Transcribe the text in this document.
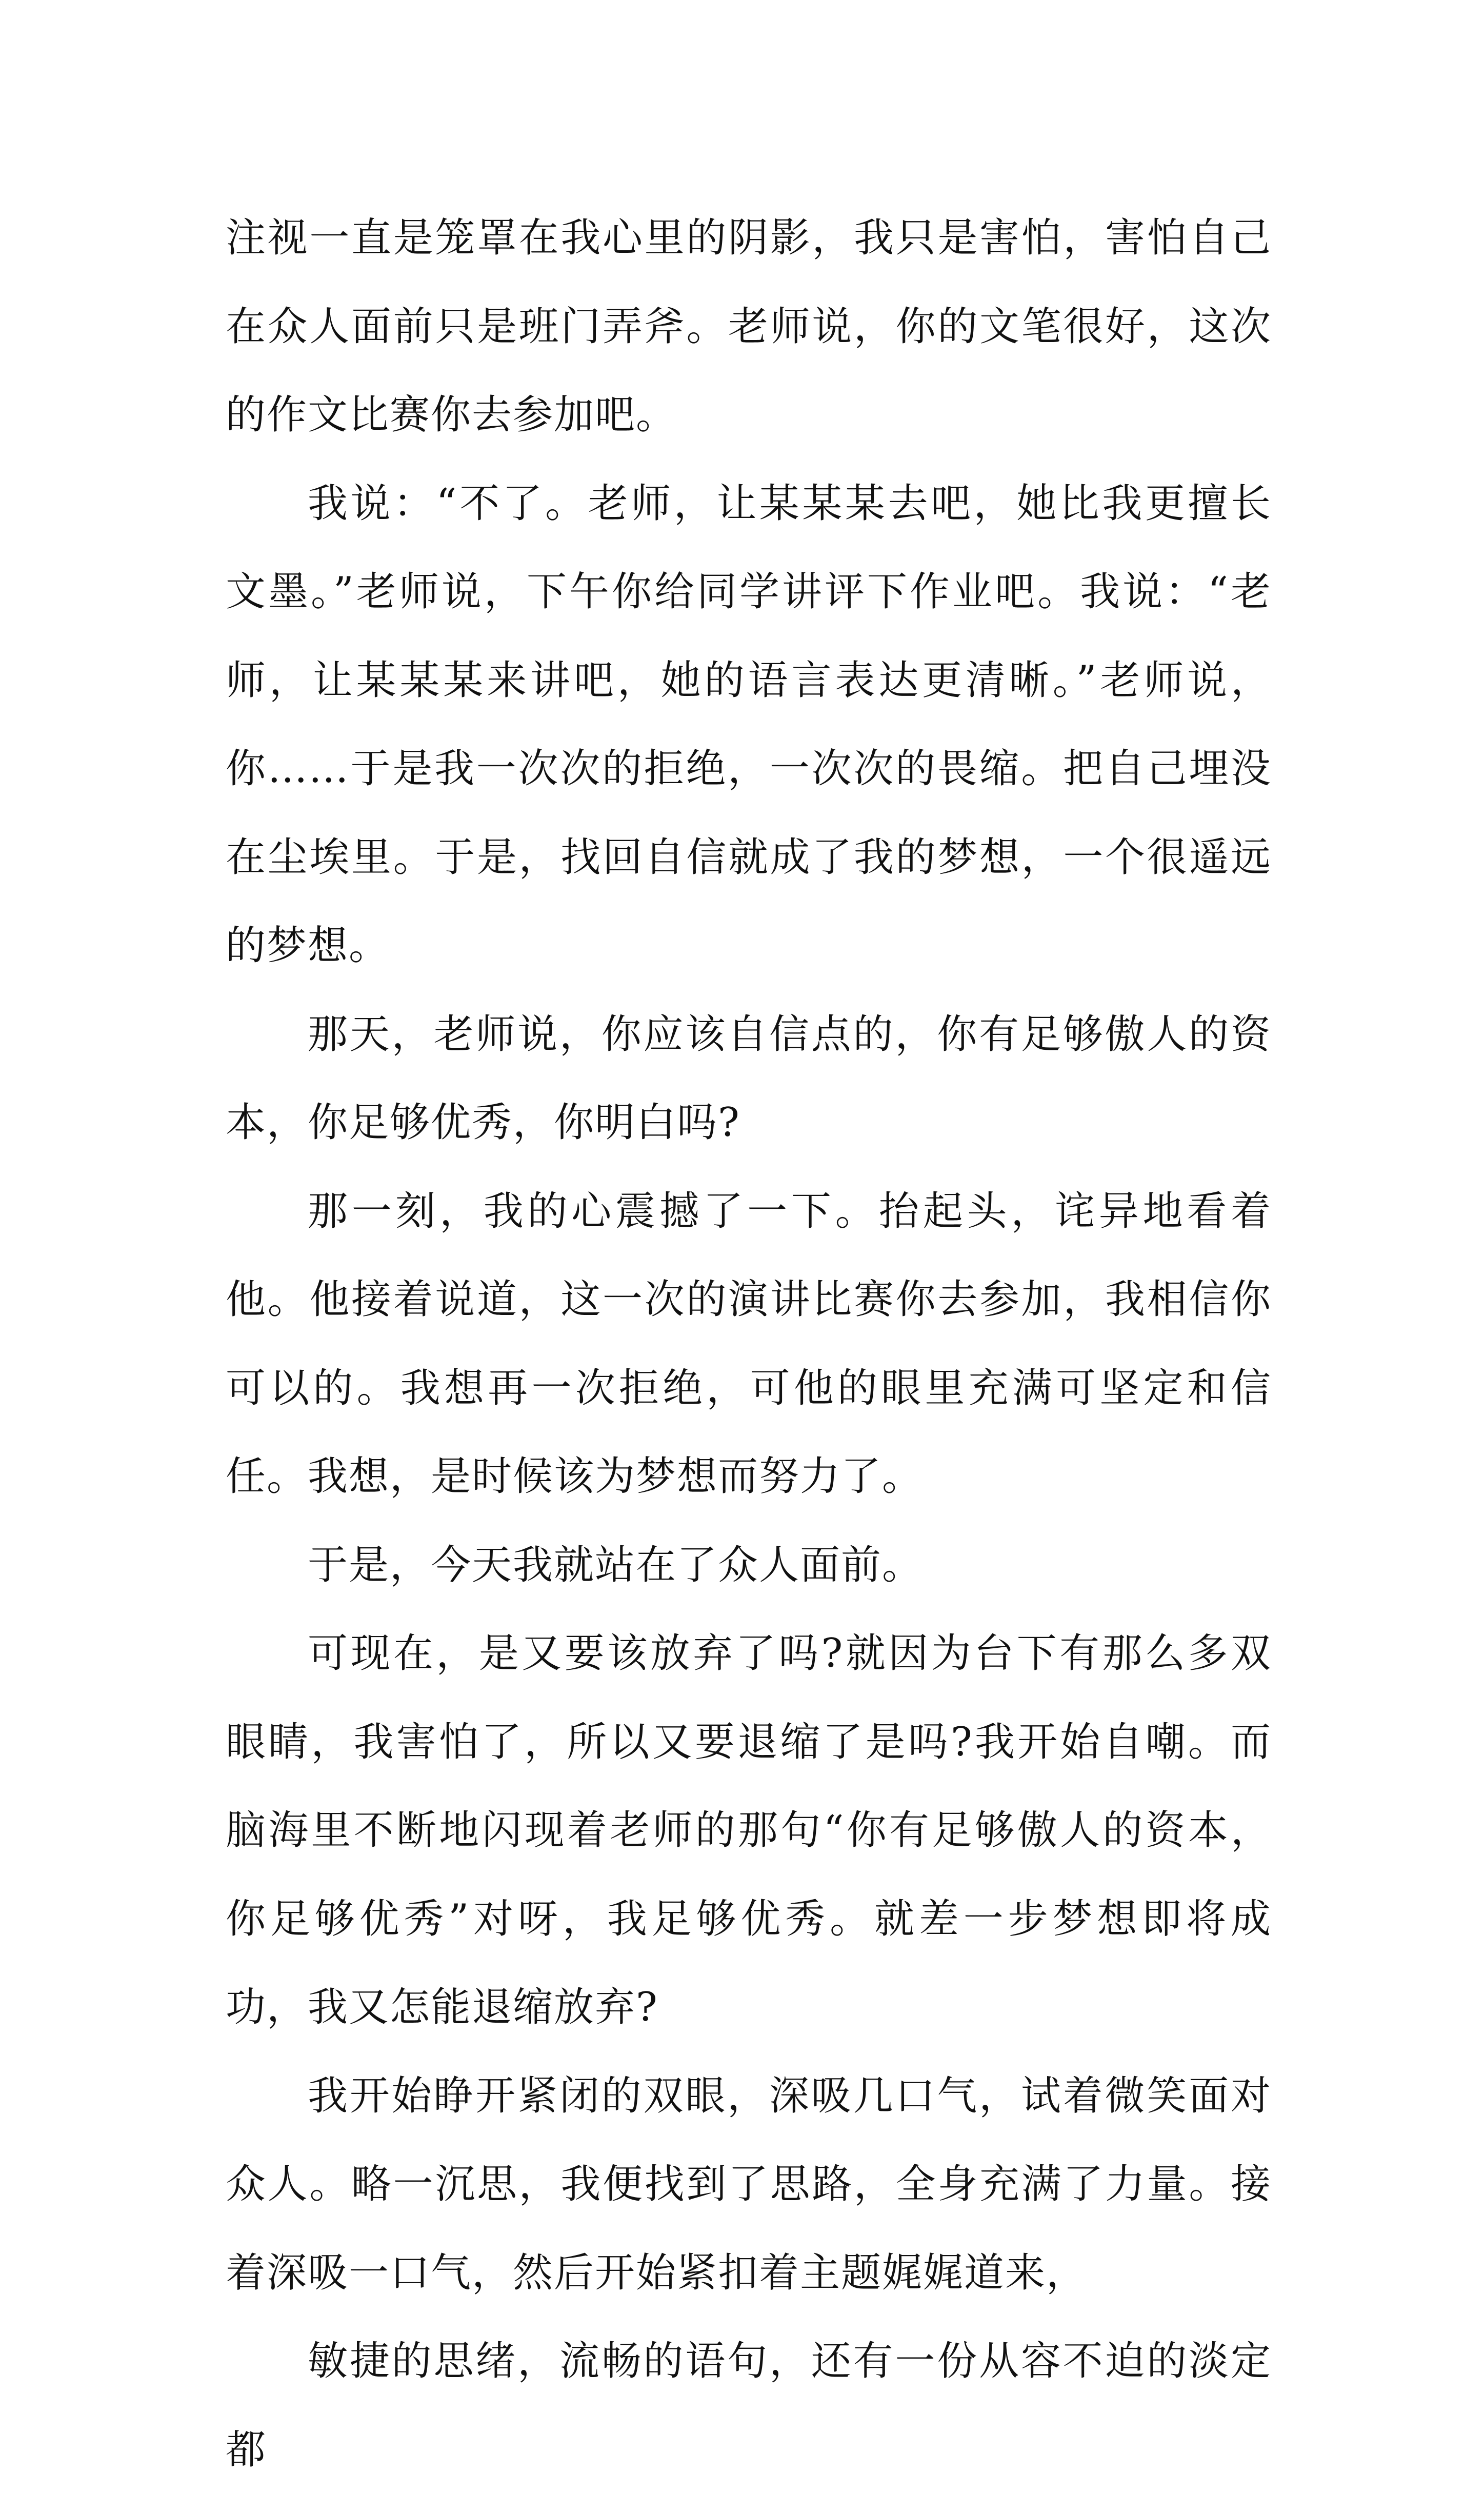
注视一直是笼罩在我心里的阴影，我只是害怕，害怕自己在众人面前只是班门弄斧。老师说，你的文笔很好，这次的作文比赛你去参加吧。

我说：“不了。老师，让某某某去吧，她比我更擅长文墨。”老师说，下午你给同学讲评下作业吧。我说：“老师，让某某某来讲吧，她的语言表达更清晰。”老师说，你……于是我一次次的拒绝，一次次的畏缩。把自己埋没在尘埃里。于是，找回自信就成了我的梦想，一个很遥远的梦想。

那天，老师说，你应该自信点的，你有足够傲人的资本，你足够优秀，你明白吗?

那一刻，我的心震撼了一下。抬起头，诧异地看着他。他接着说道，这一次的演讲比赛你去参加，我相信你可以的。我想再一次拒绝，可他的眼里充满可坚定和信任。我想，是时候该为梦想而努力了。

于是，今天我就站在了众人面前。

可现在，是又要该放弃了吗?就因为台下有那么多双眼睛，我害怕了，所以又要退缩了是吗?我开始自嘲。而脑海里不断地闪现着老师的那句“你有足够傲人的资本，你足够优秀”对呀，我足够优秀。就差一步梦想即将成功，我又怎能退缩放弃?

我开始睁开紧闭的双眼，深吸几口气，试着微笑面对众人。略一沉思，我便找到了思路，全身充满了力量。接着深吸一口气，然后开始紧扣着主题娓娓道来，

敏捷的思绪，流畅的语句，还有一份从容不迫的淡定都
